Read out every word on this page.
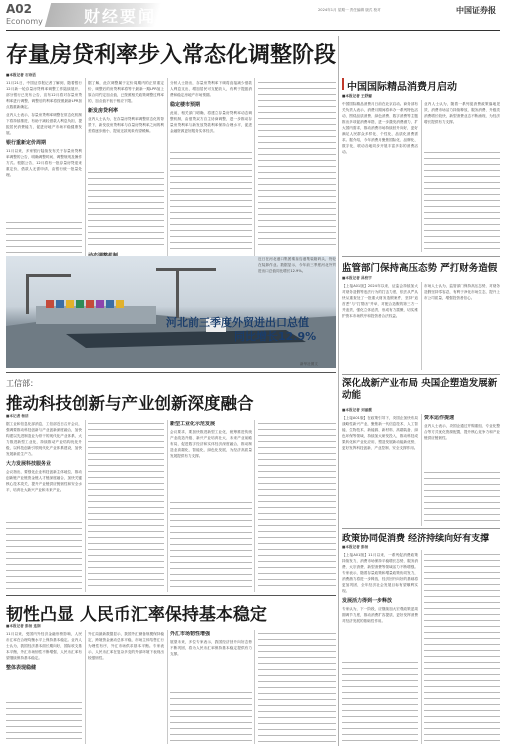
A02
Economy	财经要闻	2024年1月 星期一 责任编辑 版式 校对	中国证券报
存量房贷利率步入常态化调整阶段
■本报记者 石诗语

11月21日，中国证券报记者了解到，随着银行12月新一轮存量房贷利率调整工作陆续展开，部分银行已发布公告，宣布12月将对存量房贷利率进行调整，调整后的利率将按照最新LPR加点数重新确定。

业内人士表示，存量房贷利率调整在常态化机制下将持续推进，有助于减轻借款人利息负担，提振居民消费能力，促进房地产市场平稳健康发展。

银行重新定价周期

11月以来，多家银行陆续发布关于存量房贷利率调整的公告，明确调整时间、调整规则及操作方式。根据公告，12月将有一批存量房贷迎来重定价，借款人无需申请，由银行统一批量处理。

据了解，此次调整属于定价周期内的正常重定价，调整后的房贷利率将等于最新一期LPR加上原合同约定加点值，已按照相关政策调整过利率的，加点值不低于相应下限。

新发房贷利率

业内人士认为，在存量房贷利率调整常态化的背景下，新发放房贷利率与存量房贷利率之间的利差将逐步缩小，提前还款现象有望缓解。

分析人士指出，存量房贷利率下调将直接减少借款人利息支出，增加居民可支配收入，有利于提振消费和稳定房地产市场预期。

稳定楼市预期

此前，相关部门明确，将建立存量房贷利率动态调整机制，由借贷双方自主协商调整，进一步推动存量房贷利率与新发放贷款利率保持合理水平，促进金融资源更好服务实体经济。

中国国际精品消费月启动
■本报记者 王舒嫄

中国国际精品消费月日前在北京启动。商务部有关负责人表示，消费月期间将举办一系列特色活动，围绕品质消费、绿色消费、数字消费等主题推出多项促消费举措，进一步激发消费潜力，扩大国内需求，推动消费市场持续回升向好，更好满足人民群众多样化、个性化、品质化消费需求。据介绍，今年消费月聚焦国际化、品牌化、数字化，联动各地同步开展丰富多彩的消费活动。

业内人士认为，随着一系列促消费政策落地见效，消费市场活力持续释放，服务消费、升级类消费增长较快，新型消费业态不断涌现，为经济增长提供有力支撑。

河北前三季度外贸进出口总值
同比增长12.9%

近日在河北港口集团秦皇岛港集装箱码头，货轮在装卸作业。数据显示，今年前三季度河北外贸进出口总值同比增长12.9%。

新华社图文
监管部门保持高压态势 严打财务造假
■本报记者 昌校宇

【上接A01版】2024年以来，证监会持续加大对财务造假等违法行为的打击力度，依法从严从快从重查处了一批重大财务造假案件，坚持“追首恶”与“打帮凶”并举，对配合造假的第三方一并追责，强化立体追责，形成有力震慑，切实维护资本市场秩序和投资者合法权益。

市场人士认为，监管部门保持高压态势，对财务造假坚持零容忍，有利于净化市场生态，提升上市公司质量，增强投资者信心。

工信部：
推动科技创新与产业创新深度融合
■本记者 杨洁

据工业和信息化部消息，工信部近日召开会议，强调要推动科技创新与产业创新深度融合，加快构建以先进制造业为骨干的现代化产业体系，大力推进新型工业化，持续推动产业结构优化升级，以科技创新引领现代化产业体系建设，加快发展新质生产力。

大力发展科技服务业

会议指出，要强化企业科技创新主体地位，推动创新链产业链资金链人才链深度融合，加快关键核心技术攻关，提升产业链供应链韧性和安全水平，培育壮大新兴产业和未来产业。

新型工业化示范发展

会议要求，要加快推进新型工业化，统筹推进传统产业改造升级、新兴产业培育壮大、未来产业前瞻布局，促进数字经济和实体经济深度融合，推动制造业高端化、智能化、绿色化发展，为经济高质量发展提供有力支撑。

深化战新产业布局 央国企塑造发展新动能
■本报记者 刘丽靓

【上接A01版】在政策引导下，央国企加快布局战略性新兴产业，聚焦新一代信息技术、人工智能、生物技术、新能源、新材料、高端装备、绿色环保等领域，持续加大研发投入，推动科技成果转化和产业化应用，塑造发展新动能新优势，更好发挥科技创新、产业控制、安全支撑作用。

资本运作提速

业内人士表示，央国企通过并购重组、专业化整合等方式优化资源配置，提升核心竞争力和产业链供应链韧性。

政策协同促消费 经济持续向好有支撑
■本报记者 彭扬

【上接A01版】11月以来，一系列促消费政策持续发力，消费市场保持平稳增长态势，服务消费、大宗消费、新型消费等领域活力不断增强。专家表示，随着存量政策和增量政策协同发力，消费潜力将进一步释放，经济回升向好的基础将更加巩固，全年经济社会发展目标有望顺利实现。

发展活力得到一步释放

专家认为，下一阶段，应继续加大宏观政策逆周期调节力度，推动消费扩容提质，更好发挥消费对经济发展的基础性作用。

韧性凸显 人民币汇率保持基本稳定
■本报记者 彭扬 连润

11月以来，受国内外经济金融形势影响，人民币汇率在合理均衡水平上保持基本稳定。业内人士认为，我国经济基本面长期向好，国际收支基本平衡，外汇市场韧性不断增强，人民币汇率有望继续保持基本稳定。

整体表现稳健

外汇局最新数据显示，我国外汇储备规模保持稳定，跨境资金流动总体平稳，市场主体结售汇行为理性有序，外汇市场供求基本平衡。专家表示，人民币汇率在复杂多变的外部环境下表现出较强韧性。

外汇市场韧性增强

展望未来，多位专家表示，我国经济回升向好态势不断巩固，将为人民币汇率保持基本稳定提供有力支撑。
